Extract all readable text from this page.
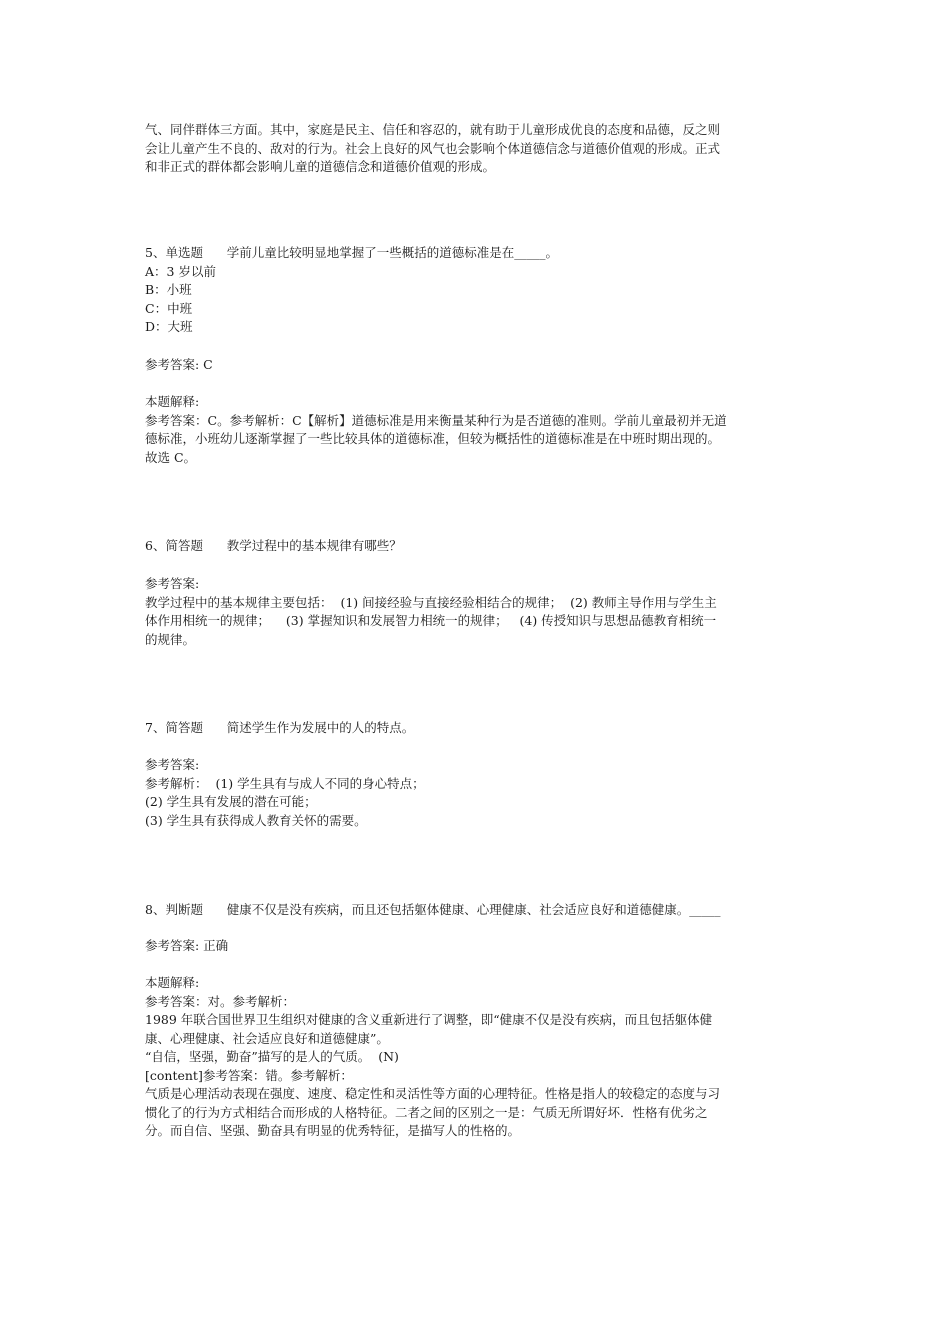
气、同伴群体三方面。其中，家庭是民主、信任和容忍的，就有助于儿童形成优良的态度和品德，反之则
会让儿童产生不良的、敌对的行为。社会上良好的风气也会影响个体道德信念与道德价值观的形成。正式
和非正式的群体都会影响儿童的道德信念和道德价值观的形成。
5、单选题      学前儿童比较明显地掌握了一些概括的道德标准是在_____。
A：3 岁以前
B：小班
C：中班
D：大班
参考答案: C
本题解释:
参考答案：C。参考解析：C【解析】道德标准是用来衡量某种行为是否道德的准则。学前儿童最初并无道
德标准，小班幼儿逐渐掌握了一些比较具体的道德标准，但较为概括性的道德标准是在中班时期出现的。
故选 C。
6、简答题      教学过程中的基本规律有哪些？
参考答案:
教学过程中的基本规律主要包括：  (1) 间接经验与直接经验相结合的规律；  (2) 教师主导作用与学生主
体作用相统一的规律；    (3) 掌握知识和发展智力相统一的规律；   (4) 传授知识与思想品德教育相统一
的规律。
7、简答题      简述学生作为发展中的人的特点。
参考答案:
参考解析：  (1) 学生具有与成人不同的身心特点；
(2) 学生具有发展的潜在可能；
(3) 学生具有获得成人教育关怀的需要。
8、判断题      健康不仅是没有疾病，而且还包括躯体健康、心理健康、社会适应良好和道德健康。_____
参考答案: 正确
本题解释:
参考答案：对。参考解析：
1989 年联合国世界卫生组织对健康的含义重新进行了调整，即“健康不仅是没有疾病，而且包括躯体健
康、心理健康、社会适应良好和道德健康”。
“自信，坚强，勤奋”描写的是人的气质。  (N)
[content]参考答案：错。参考解析：
气质是心理活动表现在强度、速度、稳定性和灵活性等方面的心理特征。性格是指人的较稳定的态度与习
惯化了的行为方式相结合而形成的人格特征。二者之间的区别之一是：气质无所谓好坏．性格有优劣之
分。而自信、坚强、勤奋具有明显的优秀特征，是描写人的性格的。
